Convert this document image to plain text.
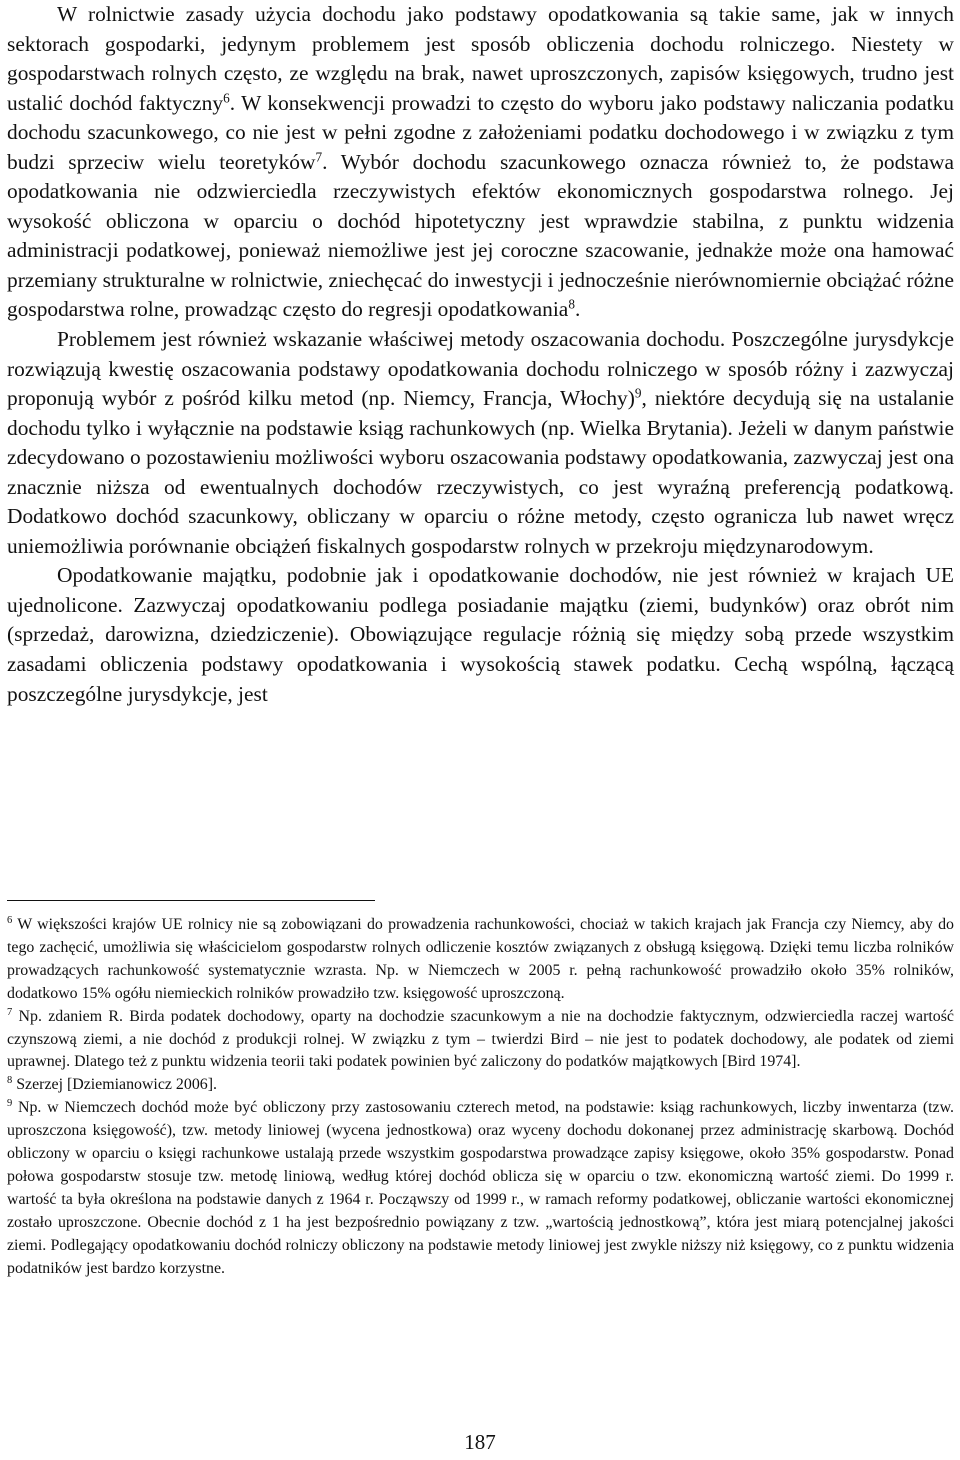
W rolnictwie zasady użycia dochodu jako podstawy opodatkowania są takie same, jak w innych sektorach gospodarki, jedynym problemem jest sposób obliczenia dochodu rolniczego. Niestety w gospodarstwach rolnych często, ze względu na brak, nawet uproszczonych, zapisów księgowych, trudno jest ustalić dochód faktyczny$^6$. W konsekwencji prowadzi to często do wyboru jako podstawy naliczania podatku dochodu szacunkowego, co nie jest w pełni zgodne z założeniami podatku dochodowego i w związku z tym budzi sprzeciw wielu teoretyków$^7$. Wybór dochodu szacunkowego oznacza również to, że podstawa opodatkowania nie odzwierciedla rzeczywistych efektów ekonomicznych gospodarstwa rolnego. Jej wysokość obliczona w oparciu o dochód hipotetyczny jest wprawdzie stabilna, z punktu widzenia administracji podatkowej, ponieważ niemożliwe jest jej coroczne szacowanie, jednakże może ona hamować przemiany strukturalne w rolnictwie, zniechęcać do inwestycji i jednocześnie nierównomiernie obciążać różne gospodarstwa rolne, prowadząc często do regresji opodatkowania$^8$.

Problemem jest również wskazanie właściwej metody oszacowania dochodu. Poszczególne jurysdykcje rozwiązują kwestię oszacowania podstawy opodatkowania dochodu rolniczego w sposób różny i zazwyczaj proponują wybór z pośród kilku metod (np. Niemcy, Francja, Włochy)$^9$, niektóre decydują się na ustalanie dochodu tylko i wyłącznie na podstawie ksiąg rachunkowych (np. Wielka Brytania). Jeżeli w danym państwie zdecydowano o pozostawieniu możliwości wyboru oszacowania podstawy opodatkowania, zazwyczaj jest ona znacznie niższa od ewentualnych dochodów rzeczywistych, co jest wyraźną preferencją podatkową. Dodatkowo dochód szacunkowy, obliczany w oparciu o różne metody, często ogranicza lub nawet wręcz uniemożliwia porównanie obciążeń fiskalnych gospodarstw rolnych w przekroju międzynarodowym.

Opodatkowanie majątku, podobnie jak i opodatkowanie dochodów, nie jest również w krajach UE ujednolicone. Zazwyczaj opodatkowaniu podlega posiadanie majątku (ziemi, budynków) oraz obrót nim (sprzedaż, darowizna, dziedziczenie). Obowiązujące regulacje różnią się między sobą przede wszystkim zasadami obliczenia podstawy opodatkowania i wysokością stawek podatku. Cechą wspólną, łączącą poszczególne jurysdykcje, jest

$^6$ W większości krajów UE rolnicy nie są zobowiązani do prowadzenia rachunkowości, chociaż w takich krajach jak Francja czy Niemcy, aby do tego zachęcić, umożliwia się właścicielom gospodarstw rolnych odliczenie kosztów związanych z obsługą księgową. Dzięki temu liczba rolników prowadzących rachunkowość systematycznie wzrasta. Np. w Niemczech w 2005 r. pełną rachunkowość prowadziło około 35% rolników, dodatkowo 15% ogółu niemieckich rolników prowadziło tzw. księgowość uproszczoną.

$^7$ Np. zdaniem R. Birda podatek dochodowy, oparty na dochodzie szacunkowym a nie na dochodzie faktycznym, odzwierciedla raczej wartość czynszową ziemi, a nie dochód z produkcji rolnej. W związku z tym – twierdzi Bird – nie jest to podatek dochodowy, ale podatek od ziemi uprawnej. Dlatego też z punktu widzenia teorii taki podatek powinien być zaliczony do podatków majątkowych [Bird 1974].

$^8$ Szerzej [Dziemianowicz 2006].

$^9$ Np. w Niemczech dochód może być obliczony przy zastosowaniu czterech metod, na podstawie: ksiąg rachunkowych, liczby inwentarza (tzw. uproszczona księgowość), tzw. metody liniowej (wycena jednostkowa) oraz wyceny dochodu dokonanej przez administrację skarbową. Dochód obliczony w oparciu o księgi rachunkowe ustalają przede wszystkim gospodarstwa prowadzące zapisy księgowe, około 35% gospodarstw. Ponad połowa gospodarstw stosuje tzw. metodę liniową, według której dochód oblicza się w oparciu o tzw. ekonomiczną wartość ziemi. Do 1999 r. wartość ta była określona na podstawie danych z 1964 r. Począwszy od 1999 r., w ramach reformy podatkowej, obliczanie wartości ekonomicznej zostało uproszczone. Obecnie dochód z 1 ha jest bezpośrednio powiązany z tzw. „wartością jednostkową”, która jest miarą potencjalnej jakości ziemi. Podlegający opodatkowaniu dochód rolniczy obliczony na podstawie metody liniowej jest zwykle niższy niż księgowy, co z punktu widzenia podatników jest bardzo korzystne.

187
